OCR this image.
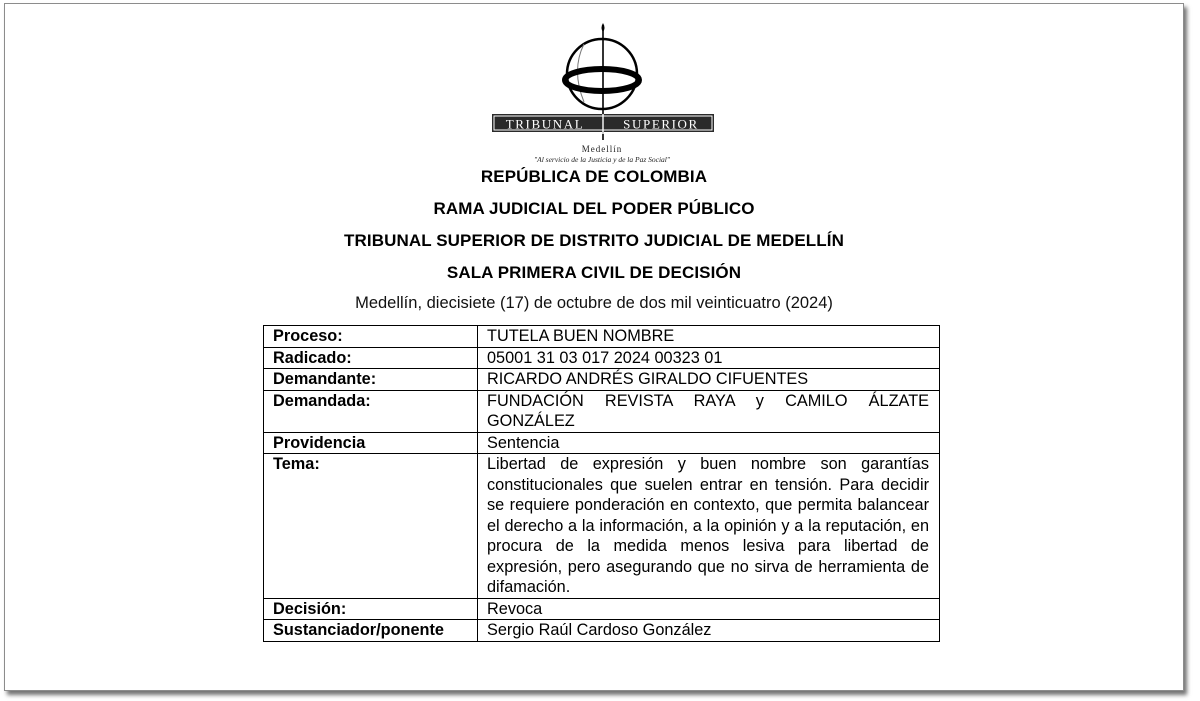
TRIBUNAL	SUPERIOR
Medellín
"Al servicio de la Justicia y de la Paz Social"
REPÚBLICA DE COLOMBIA
RAMA JUDICIAL DEL PODER PÚBLICO
TRIBUNAL SUPERIOR DE DISTRITO JUDICIAL DE MEDELLÍN
SALA PRIMERA CIVIL DE DECISIÓN
Medellín, diecisiete (17) de octubre de dos mil veinticuatro (2024)
Proceso:	TUTELA BUEN NOMBRE
Radicado:	05001 31 03 017 2024 00323 01
Demandante:	RICARDO ANDRÉS GIRALDO CIFUENTES
Demandada:	FUNDACIÓN REVISTA RAYA y CAMILO ÁLZATE GONZÁLEZ
Providencia	Sentencia
Tema:	Libertad de expresión y buen nombre son garantías constitucionales que suelen entrar en tensión. Para decidir se requiere ponderación en contexto, que permita balancear el derecho a la información, a la opinión y a la reputación, en procura de la medida menos lesiva para libertad de expresión, pero asegurando que no sirva de herramienta de difamación.
Decisión:	Revoca
Sustanciador/ponente	Sergio Raúl Cardoso González
